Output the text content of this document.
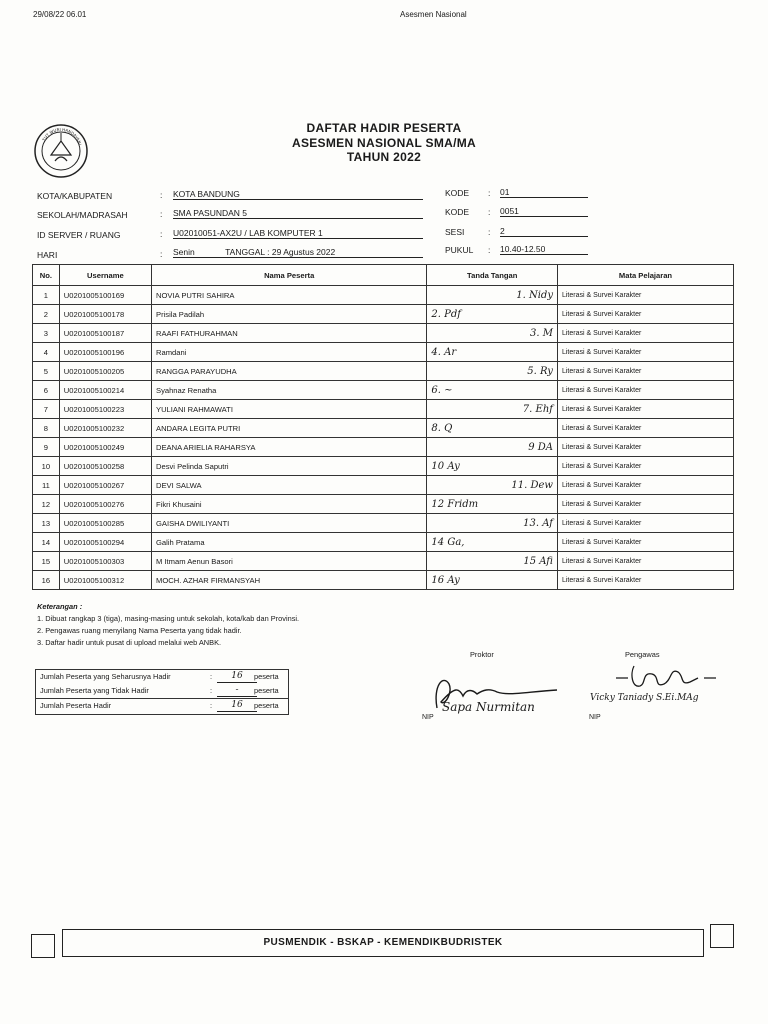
29/08/22 06.01	Asesmen Nasional
TUT WURI HANDAYANI
DAFTAR HADIR PESERTA
ASESMEN NASIONAL SMA/MA
TAHUN 2022
KOTA/KABUPATEN	: KOTA BANDUNG
SEKOLAH/MADRASAH	: SMA PASUNDAN 5
ID SERVER / RUANG	: U02010051-AX2U / LAB KOMPUTER 1
HARI	: Senin	TANGGAL : 29 Agustus 2022
KODE : 01
KODE : 0051
SESI	: 2
PUKUL : 10.40-12.50
No.	Username	Nama Peserta	Tanda Tangan	Mata Pelajaran
1	U0201005100169	NOVIA PUTRI SAHIRA	1. Nidy	Literasi & Survei Karakter
2	U0201005100178	Prisila Padilah	2. Pdf	Literasi & Survei Karakter
3	U0201005100187	RAAFI FATHURAHMAN	3. M	Literasi & Survei Karakter
4	U0201005100196	Ramdani	4. Ar	Literasi & Survei Karakter
5	U0201005100205	RANGGA PARAYUDHA	5. Ry	Literasi & Survei Karakter
6	U0201005100214	Syahnaz Renatha	6. ~	Literasi & Survei Karakter
7	U0201005100223	YULIANI RAHMAWATI	7. Ehf	Literasi & Survei Karakter
8	U0201005100232	ANDARA LEGITA PUTRI	8. Q	Literasi & Survei Karakter
9	U0201005100249	DEANA ARIELIA RAHARSYA	9 DA	Literasi & Survei Karakter
10	U0201005100258	Desvi Pelinda Saputri	10 Ay	Literasi & Survei Karakter
11	U0201005100267	DEVI SALWA	11. Dew	Literasi & Survei Karakter
12	U0201005100276	Fikri Khusaini	12 Fridm	Literasi & Survei Karakter
13	U0201005100285	GAISHA DWILIYANTI	13. Af	Literasi & Survei Karakter
14	U0201005100294	Galih Pratama	14 Ga,	Literasi & Survei Karakter
15	U0201005100303	M Itmam Aenun Basori	15 Afi	Literasi & Survei Karakter
16	U0201005100312	MOCH. AZHAR FIRMANSYAH	16 Ay	Literasi & Survei Karakter
Keterangan :
1. Dibuat rangkap 3 (tiga), masing-masing untuk sekolah, kota/kab dan Provinsi.
2. Pengawas ruang menyilang Nama Peserta yang tidak hadir.
3. Daftar hadir untuk pusat di upload melalui web ANBK.
Jumlah Peserta yang Seharusnya Hadir	:	16	peserta
Jumlah Peserta yang Tidak Hadir	:	-	peserta
Jumlah Peserta Hadir	:	16	peserta
Proktor	Pengawas
Sapa Nurmitan
NIP
Vicky Taniady S.Ei.MAg
NIP
PUSMENDIK - BSKAP - KEMENDIKBUDRISTEK
